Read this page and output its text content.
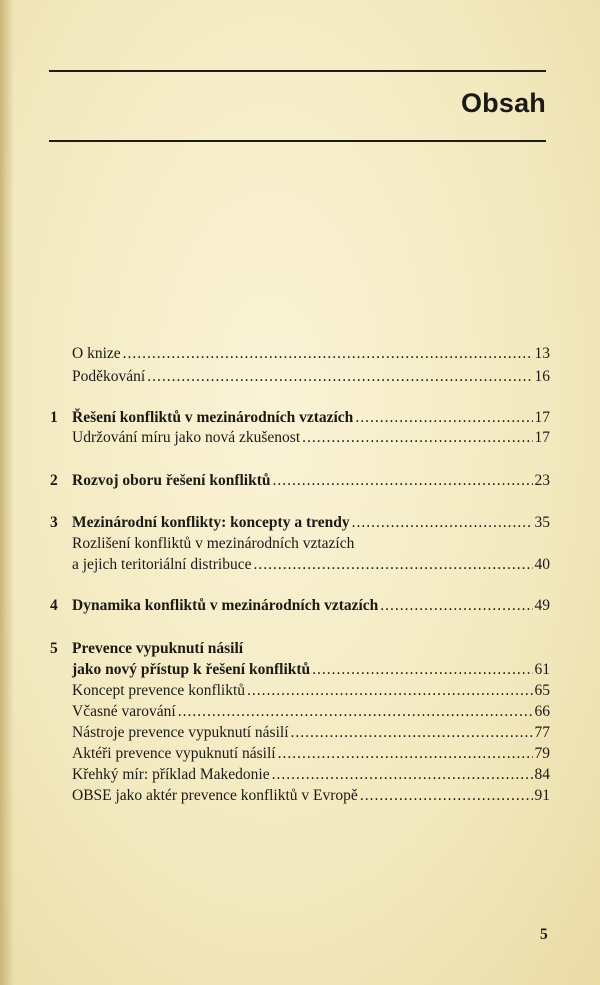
Obsah
O knize .....	13
Poděkování .....	16
1 Řešení konfliktů v mezinárodních vztazích .....	17
Udržování míru jako nová zkušenost .....	17
2 Rozvoj oboru řešení konfliktů .....	23
3 Mezinárodní konflikty: koncepty a trendy .....	35
Rozlišení konfliktů v mezinárodních vztazích
a jejich teritoriální distribuce .....	40
4 Dynamika konfliktů v mezinárodních vztazích .....	49
5 Prevence vypuknutí násilí
jako nový přístup k řešení konfliktů .....	61
Koncept prevence konfliktů .....	65
Včasné varování .....	66
Nástroje prevence vypuknutí násilí .....	77
Aktéři prevence vypuknutí násilí .....	79
Křehký mír: příklad Makedonie .....	84
OBSE jako aktér prevence konfliktů v Evropě .....	91
5
